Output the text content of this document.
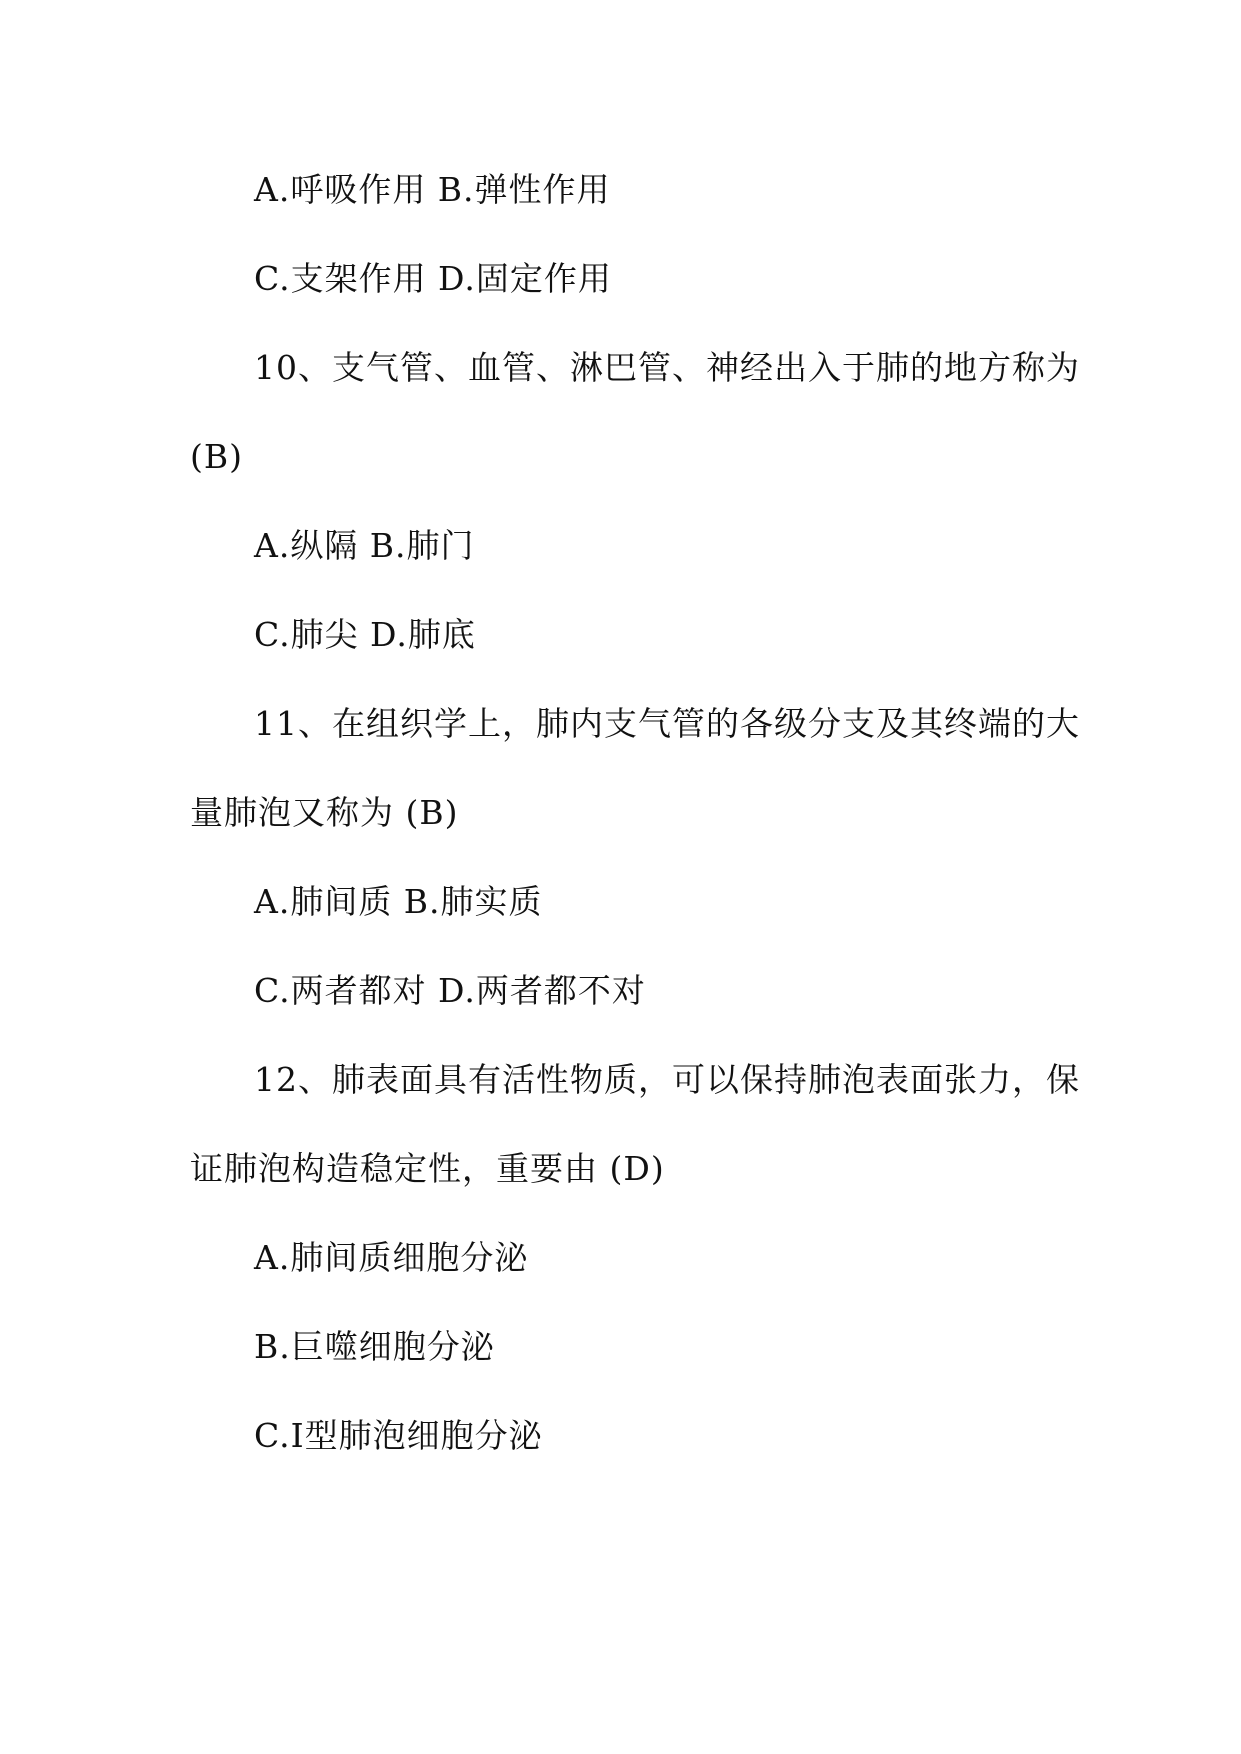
A.呼吸作用 B.弹性作用
C.支架作用 D.固定作用
10、支气管、血管、淋巴管、神经出入于肺的地方称为
(B)
A.纵隔 B.肺门
C.肺尖 D.肺底
11、在组织学上，肺内支气管的各级分支及其终端的大
量肺泡又称为 (B)
A.肺间质 B.肺实质
C.两者都对 D.两者都不对
12、肺表面具有活性物质，可以保持肺泡表面张力，保
证肺泡构造稳定性，重要由 (D)
A.肺间质细胞分泌
B.巨噬细胞分泌
C.Ⅰ型肺泡细胞分泌
